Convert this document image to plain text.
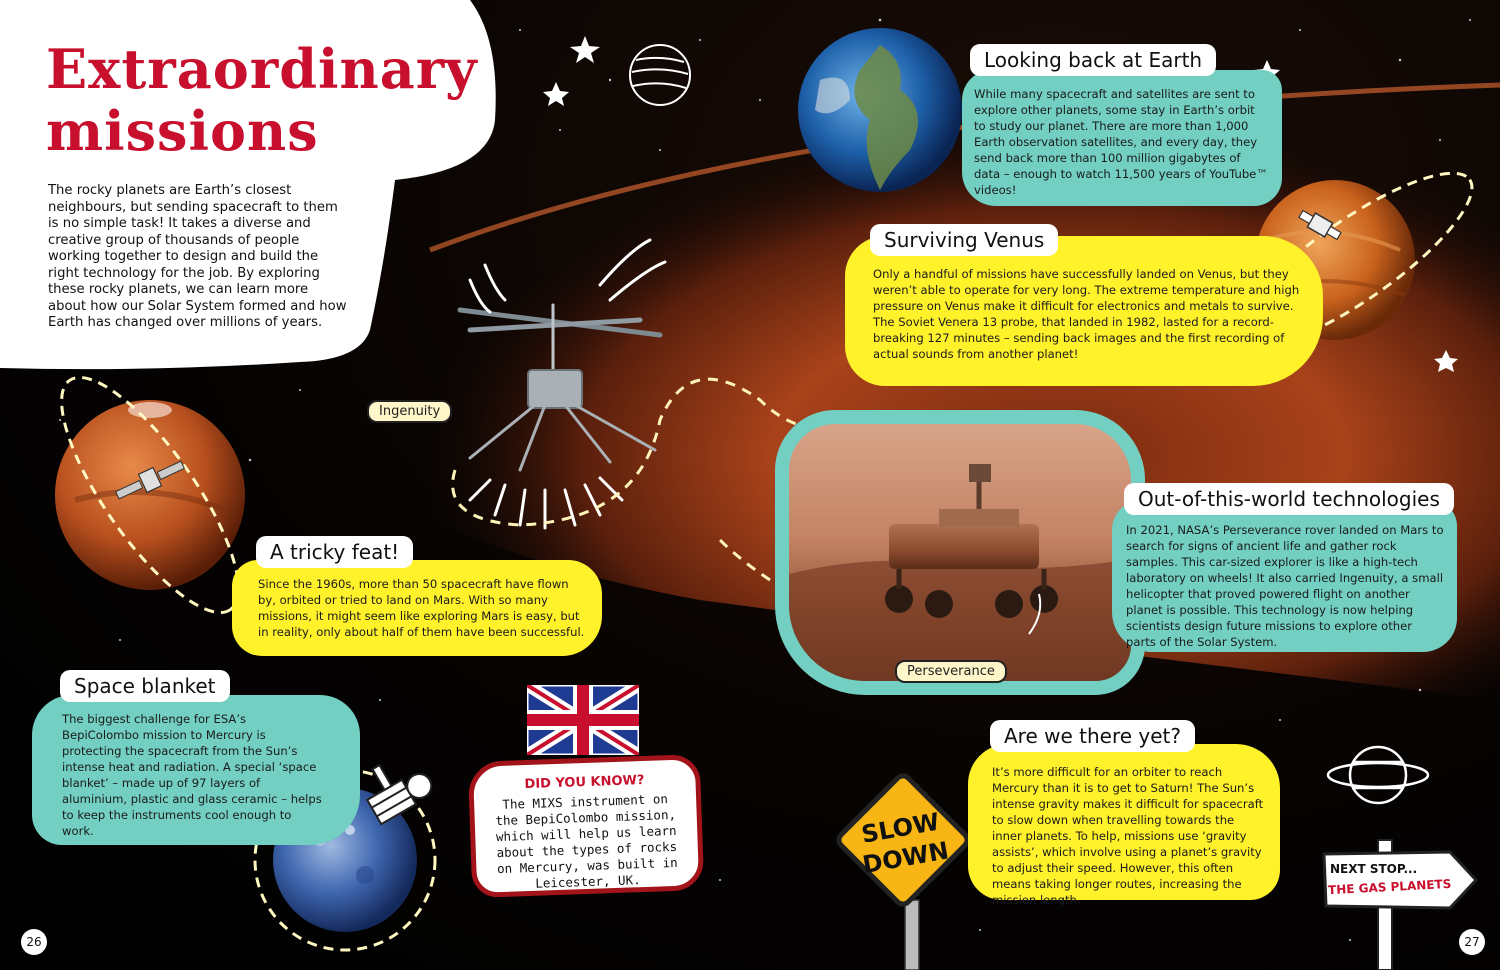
Extraordinary
missions
The rocky planets are Earth’s closest neighbours, but sending spacecraft to them is no simple task! It takes a diverse and creative group of thousands of people working together to design and build the right technology for the job. By exploring these rocky planets, we can learn more about how our Solar System formed and how Earth has changed over millions of years.
While many spacecraft and satellites are sent to explore other planets, some stay in Earth’s orbit to study our planet. There are more than 1,000 Earth observation satellites, and every day, they send back more than 100 million gigabytes of data – enough to watch 11,500 years of YouTube™ videos!
Looking back at Earth
Only a handful of missions have successfully landed on Venus, but they weren’t able to operate for very long. The extreme temperature and high pressure on Venus make it difficult for electronics and metals to survive. The Soviet Venera 13 probe, that landed in 1982, lasted for a record-breaking 127 minutes – sending back images and the first recording of actual sounds from another planet!
Surviving Venus
Perseverance
Ingenuity
In 2021, NASA’s Perseverance rover landed on Mars to search for signs of ancient life and gather rock samples. This car-sized explorer is like a high-tech laboratory on wheels! It also carried Ingenuity, a small helicopter that proved powered flight on another planet is possible. This technology is now helping scientists design future missions to explore other parts of the Solar System.
Out-of-this-world technologies
Since the 1960s, more than 50 spacecraft have flown by, orbited or tried to land on Mars. With so many missions, it might seem like exploring Mars is easy, but in reality, only about half of them have been successful.
A tricky feat!
The biggest challenge for ESA’s BepiColombo mission to Mercury is protecting the spacecraft from the Sun’s intense heat and radiation. A special ‘space blanket’ – made up of 97 layers of aluminium, plastic and glass ceramic – helps to keep the instruments cool enough to work.
Space blanket
DID YOU KNOW?
The MIXS instrument on the BepiColombo mission, which will help us learn about the types of rocks on Mercury, was built in Leicester, UK.
SLOW
DOWN
It’s more difficult for an orbiter to reach Mercury than it is to get to Saturn! The Sun’s intense gravity makes it difficult for spacecraft to slow down when travelling towards the inner planets. To help, missions use ‘gravity assists’, which involve using a planet’s gravity to adjust their speed. However, this often means taking longer routes, increasing the mission length.
Are we there yet?
NEXT STOP...
THE GAS PLANETS
26	27
